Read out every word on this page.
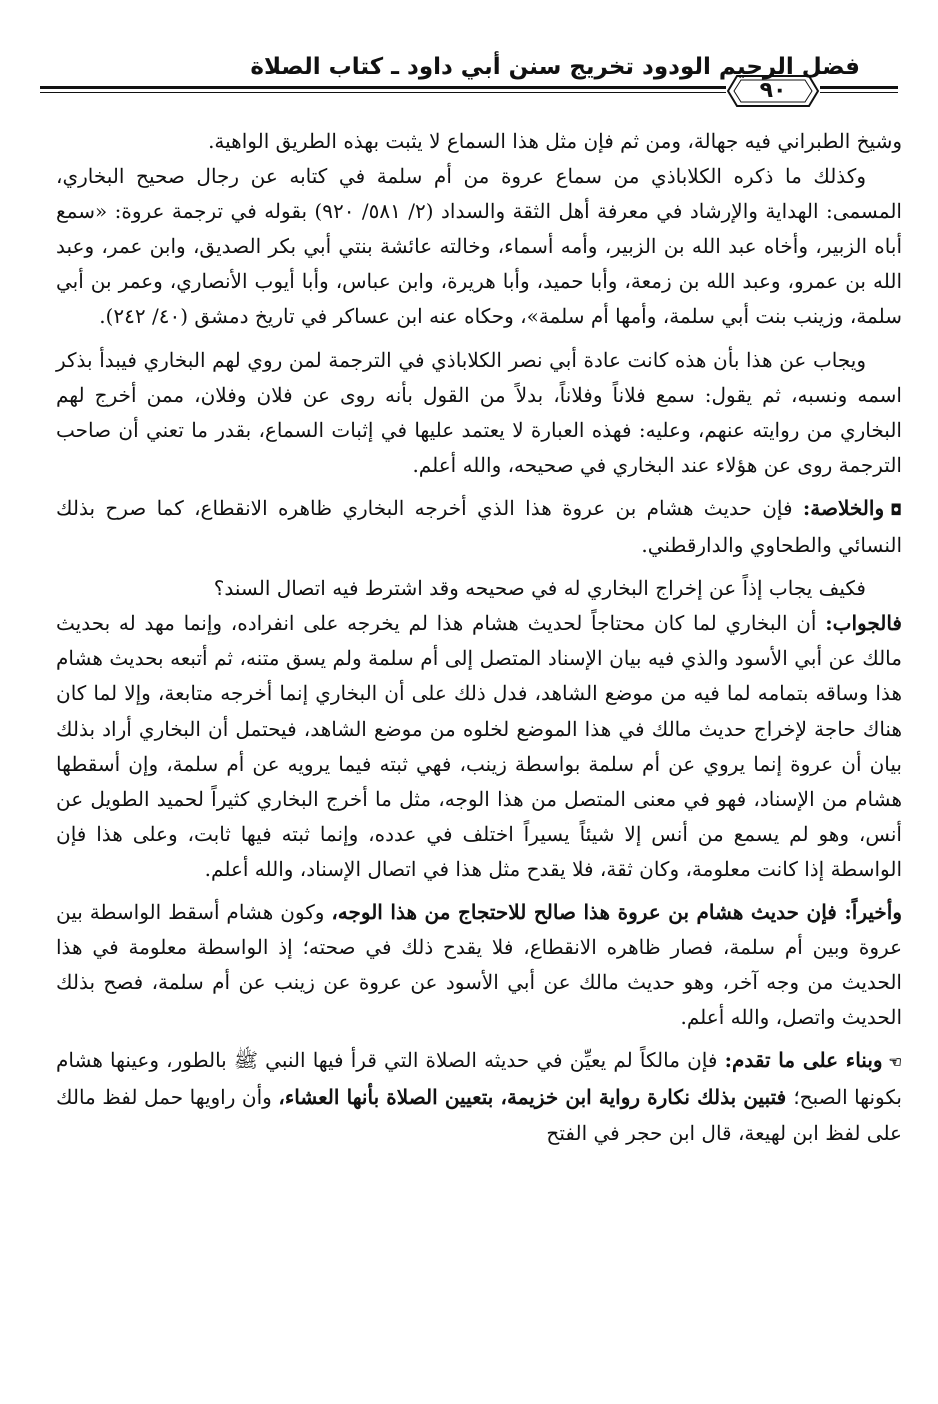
فضل الرحيم الودود تخريج سنن أبي داود ـ كتاب الصلاة
٩٠

وشيخ الطبراني فيه جهالة، ومن ثم فإن مثل هذا السماع لا يثبت بهذه الطريق الواهية.

وكذلك ما ذكره الكلاباذي من سماع عروة من أم سلمة في كتابه عن رجال صحيح البخاري، المسمى: الهداية والإرشاد في معرفة أهل الثقة والسداد (٢/ ٥٨١/ ٩٢٠) بقوله في ترجمة عروة: «سمع أباه الزبير، وأخاه عبد الله بن الزبير، وأمه أسماء، وخالته عائشة بنتي أبي بكر الصديق، وابن عمر، وعبد الله بن عمرو، وعبد الله بن زمعة، وأبا حميد، وأبا هريرة، وابن عباس، وأبا أيوب الأنصاري، وعمر بن أبي سلمة، وزينب بنت أبي سلمة، وأمها أم سلمة»، وحكاه عنه ابن عساكر في تاريخ دمشق (٤٠/ ٢٤٢).

ويجاب عن هذا بأن هذه كانت عادة أبي نصر الكلاباذي في الترجمة لمن روي لهم البخاري فيبدأ بذكر اسمه ونسبه، ثم يقول: سمع فلاناً وفلاناً، بدلاً من القول بأنه روى عن فلان وفلان، ممن أخرج لهم البخاري من روايته عنهم، وعليه: فهذه العبارة لا يعتمد عليها في إثبات السماع، بقدر ما تعني أن صاحب الترجمة روى عن هؤلاء عند البخاري في صحيحه، والله أعلم.

◘والخلاصة: فإن حديث هشام بن عروة هذا الذي أخرجه البخاري ظاهره الانقطاع، كما صرح بذلك النسائي والطحاوي والدارقطني.

فكيف يجاب إذاً عن إخراج البخاري له في صحيحه وقد اشترط فيه اتصال السند؟

فالجواب: أن البخاري لما كان محتاجاً لحديث هشام هذا لم يخرجه على انفراده، وإنما مهد له بحديث مالك عن أبي الأسود والذي فيه بيان الإسناد المتصل إلى أم سلمة ولم يسق متنه، ثم أتبعه بحديث هشام هذا وساقه بتمامه لما فيه من موضع الشاهد، فدل ذلك على أن البخاري إنما أخرجه متابعة، وإلا لما كان هناك حاجة لإخراج حديث مالك في هذا الموضع لخلوه من موضع الشاهد، فيحتمل أن البخاري أراد بذلك بيان أن عروة إنما يروي عن أم سلمة بواسطة زينب، فهي ثبته فيما يرويه عن أم سلمة، وإن أسقطها هشام من الإسناد، فهو في معنى المتصل من هذا الوجه، مثل ما أخرج البخاري كثيراً لحميد الطويل عن أنس، وهو لم يسمع من أنس إلا شيئاً يسيراً اختلف في عدده، وإنما ثبته فيها ثابت، وعلى هذا فإن الواسطة إذا كانت معلومة، وكان ثقة، فلا يقدح مثل هذا في اتصال الإسناد، والله أعلم.

وأخيراً: فإن حديث هشام بن عروة هذا صالح للاحتجاج من هذا الوجه، وكون هشام أسقط الواسطة بين عروة وبين أم سلمة، فصار ظاهره الانقطاع، فلا يقدح ذلك في صحته؛ إذ الواسطة معلومة في هذا الحديث من وجه آخر، وهو حديث مالك عن أبي الأسود عن عروة عن زينب عن أم سلمة، فصح بذلك الحديث واتصل، والله أعلم.

☜وبناء على ما تقدم: فإن مالكاً لم يعيِّن في حديثه الصلاة التي قرأ فيها النبي ﷺ بالطور، وعينها هشام بكونها الصبح؛ فتبين بذلك نكارة رواية ابن خزيمة، بتعيين الصلاة بأنها العشاء، وأن راويها حمل لفظ مالك على لفظ ابن لهيعة، قال ابن حجر في الفتح
